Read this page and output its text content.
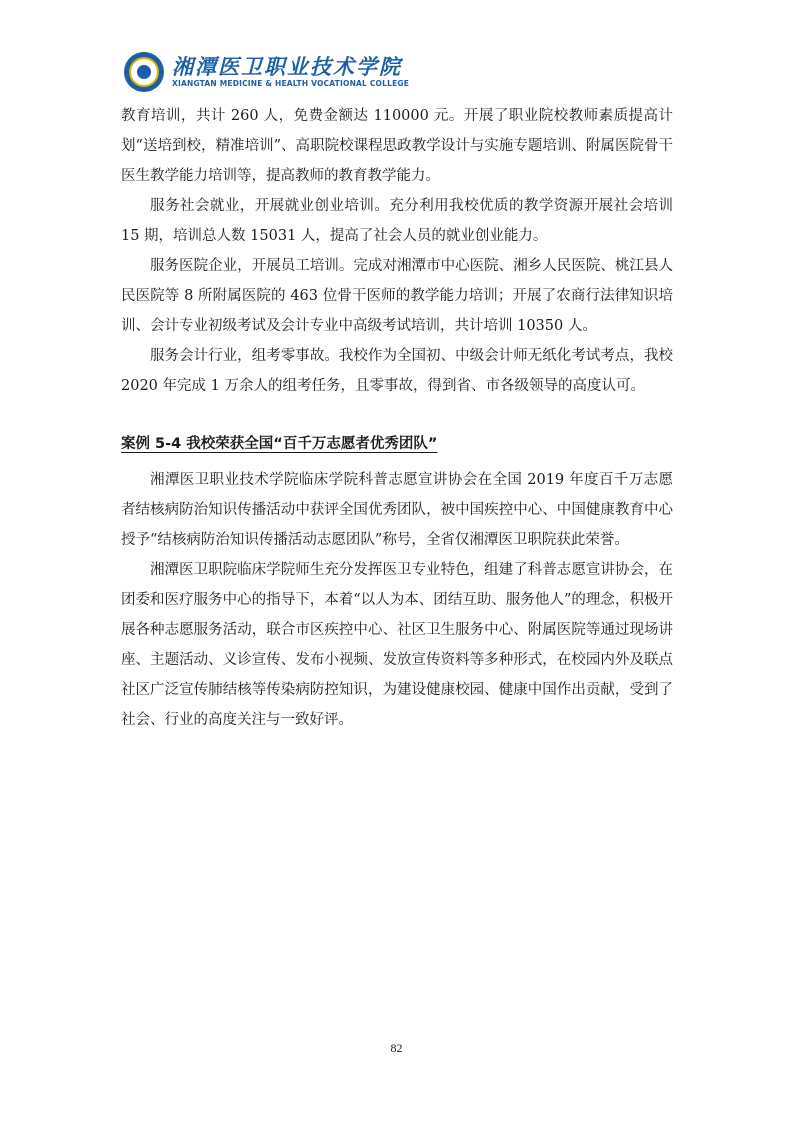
湘潭医卫职业技术学院
XIANGTAN MEDICINE & HEALTH VOCATIONAL COLLEGE

教育培训，共计 260 人，免费金额达 110000 元。开展了职业院校教师素质提高计划“送培到校，精准培训”、高职院校课程思政教学设计与实施专题培训、附属医院骨干医生教学能力培训等，提高教师的教育教学能力。

服务社会就业，开展就业创业培训。充分利用我校优质的教学资源开展社会培训 15 期，培训总人数 15031 人，提高了社会人员的就业创业能力。

服务医院企业，开展员工培训。完成对湘潭市中心医院、湘乡人民医院、桃江县人民医院等 8 所附属医院的 463 位骨干医师的教学能力培训；开展了农商行法律知识培训、会计专业初级考试及会计专业中高级考试培训，共计培训 10350 人。

服务会计行业，组考零事故。我校作为全国初、中级会计师无纸化考试考点，我校 2020 年完成 1 万余人的组考任务，且零事故，得到省、市各级领导的高度认可。

案例 5-4 我校荣获全国“百千万志愿者优秀团队”

湘潭医卫职业技术学院临床学院科普志愿宣讲协会在全国 2019 年度百千万志愿者结核病防治知识传播活动中获评全国优秀团队，被中国疾控中心、中国健康教育中心授予“结核病防治知识传播活动志愿团队”称号，全省仅湘潭医卫职院获此荣誉。

湘潭医卫职院临床学院师生充分发挥医卫专业特色，组建了科普志愿宣讲协会，在团委和医疗服务中心的指导下，本着“以人为本、团结互助、服务他人”的理念，积极开展各种志愿服务活动，联合市区疾控中心、社区卫生服务中心、附属医院等通过现场讲座、主题活动、义诊宣传、发布小视频、发放宣传资料等多种形式，在校园内外及联点社区广泛宣传肺结核等传染病防控知识，为建设健康校园、健康中国作出贡献，受到了社会、行业的高度关注与一致好评。

82
